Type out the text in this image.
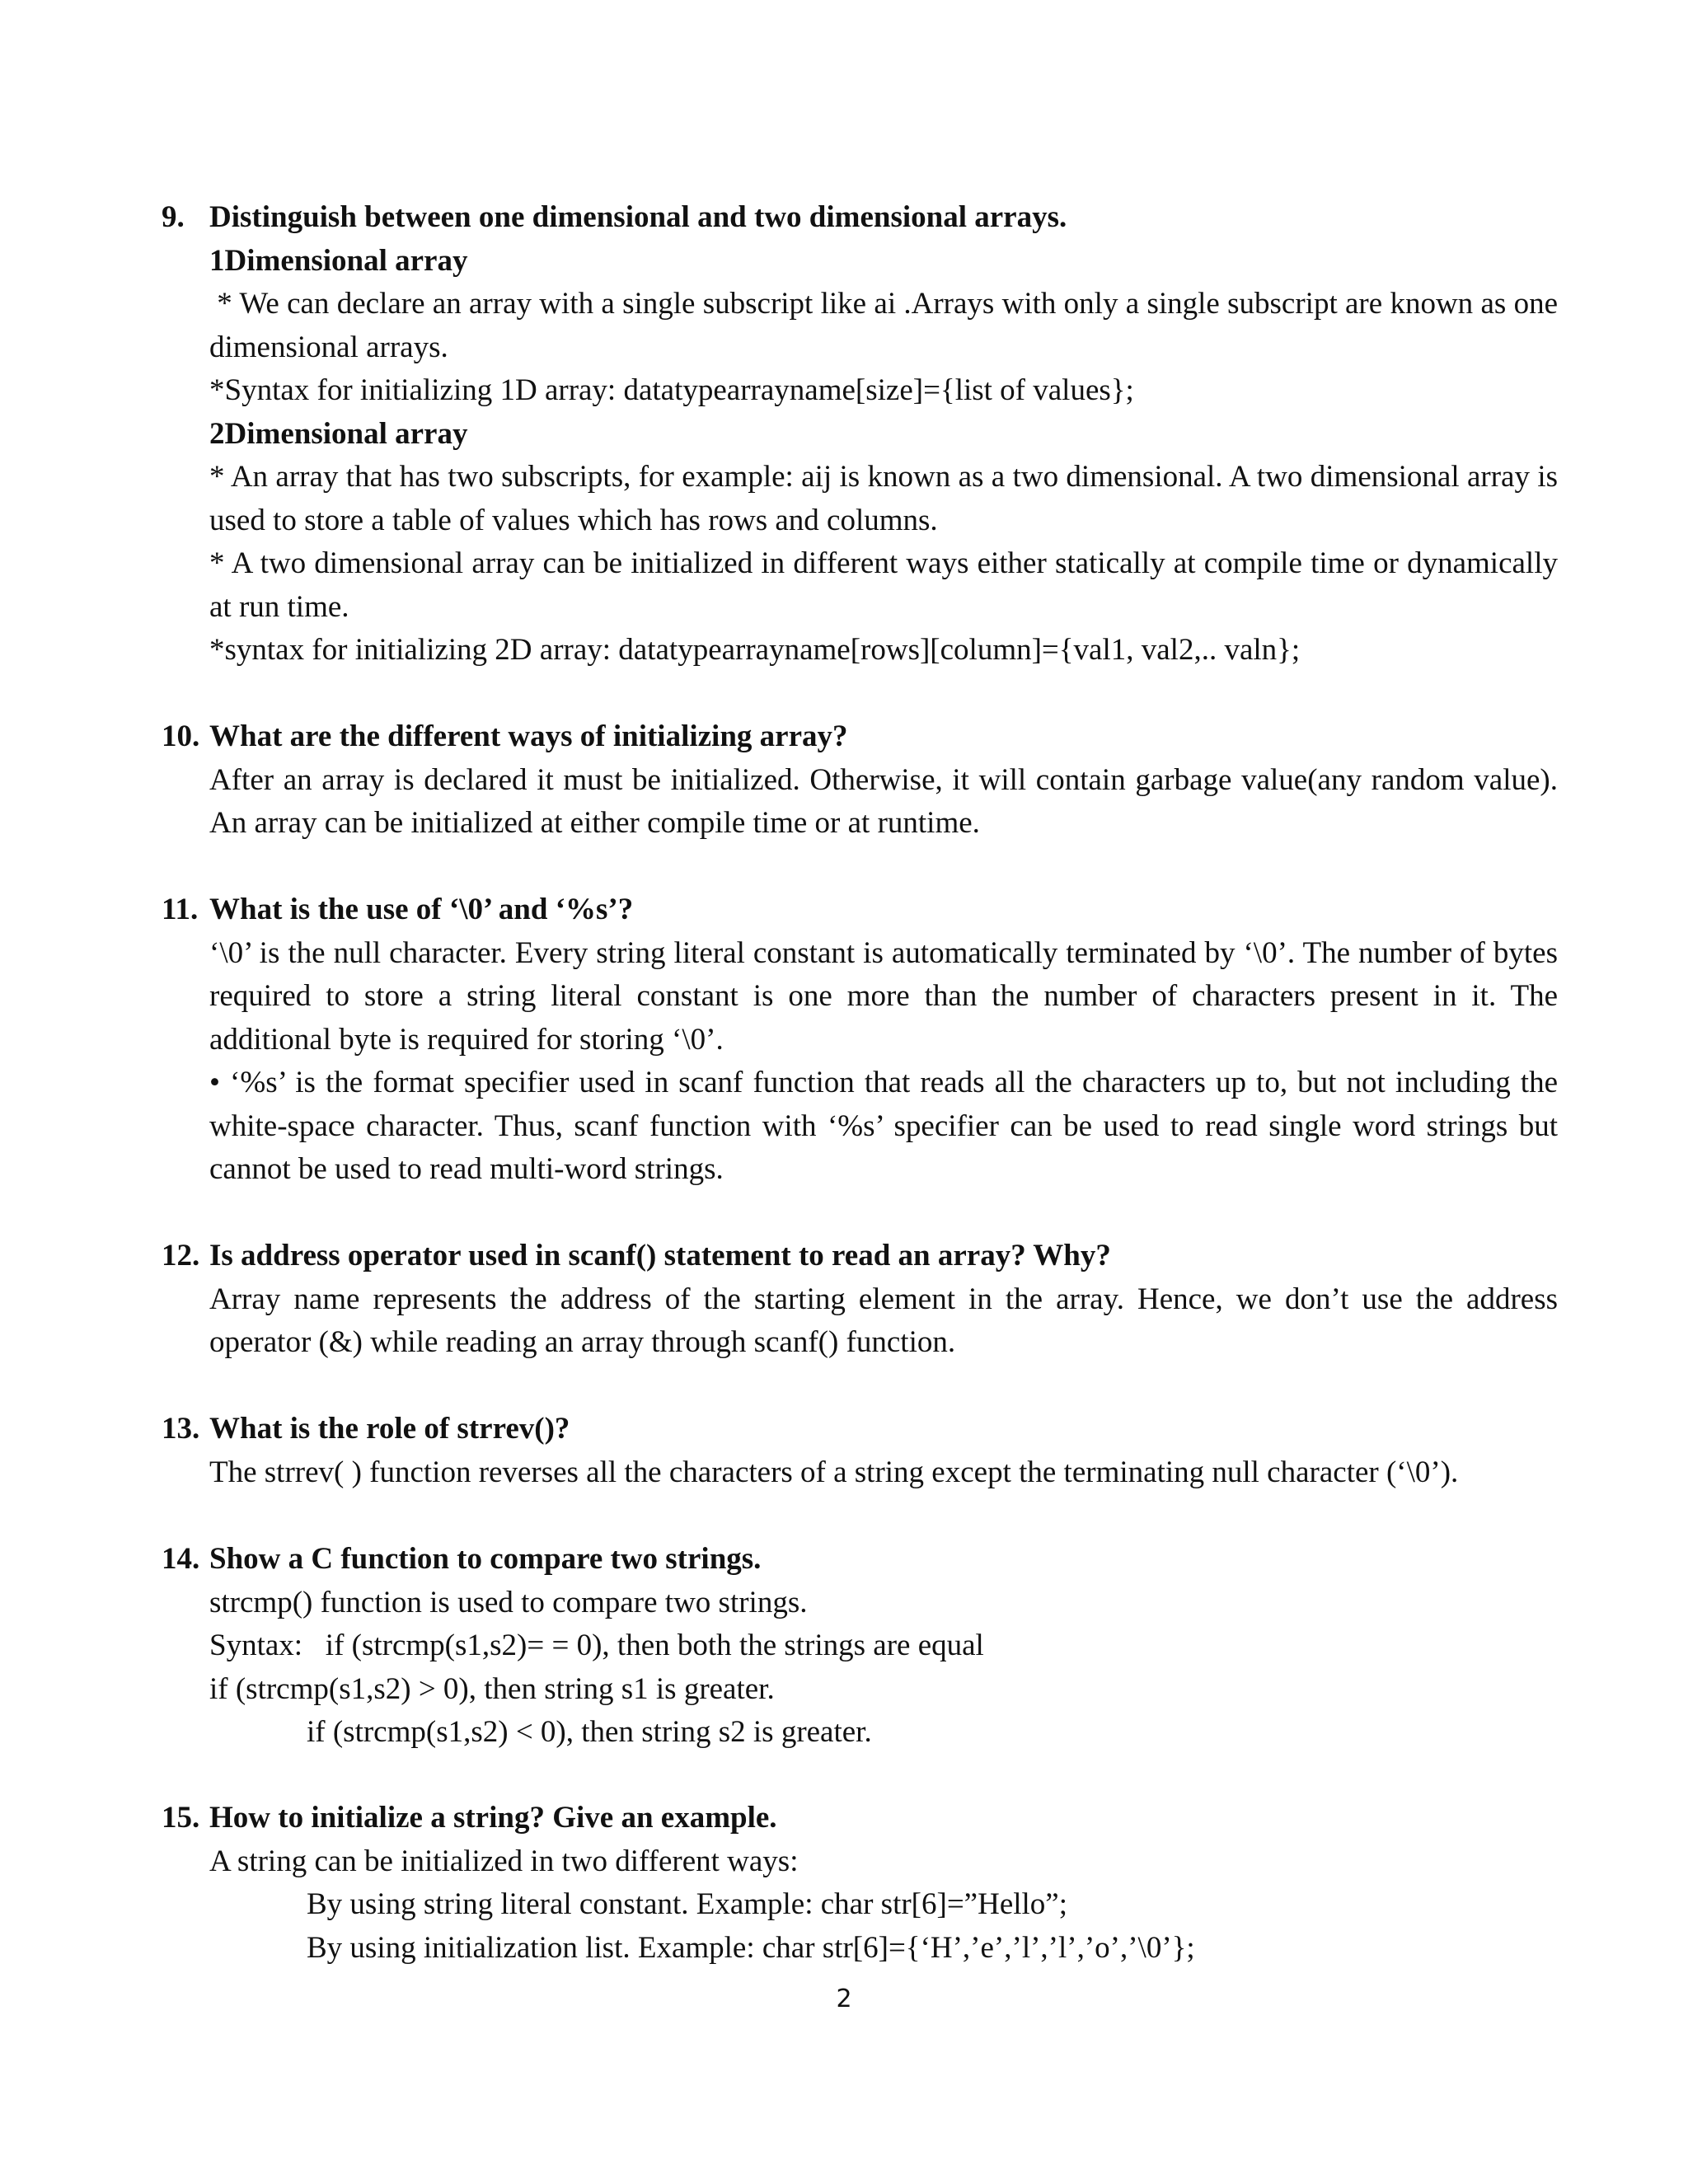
9. Distinguish between one dimensional and two dimensional arrays.
1Dimensional array
* We can declare an array with a single subscript like ai .Arrays with only a single subscript are known as one dimensional arrays.
*Syntax for initializing 1D array: datatypearrayname[size]={list of values};
2Dimensional array
* An array that has two subscripts, for example: aij is known as a two dimensional. A two dimensional array is used to store a table of values which has rows and columns.
* A two dimensional array can be initialized in different ways either statically at compile time or dynamically at run time.
*syntax for initializing 2D array: datatypearrayname[rows][column]={val1, val2,.. valn};
10. What are the different ways of initializing array?
After an array is declared it must be initialized. Otherwise, it will contain garbage value(any random value). An array can be initialized at either compile time or at runtime.
11. What is the use of ‘\0’ and ‘%s’?
‘\0’ is the null character. Every string literal constant is automatically terminated by ‘\0’. The number of bytes required to store a string literal constant is one more than the number of characters present in it. The additional byte is required for storing ‘\0’.
• ‘%s’ is the format specifier used in scanf function that reads all the characters up to, but not including the white-space character. Thus, scanf function with ‘%s’ specifier can be used to read single word strings but cannot be used to read multi-word strings.
12. Is address operator used in scanf() statement to read an array? Why?
Array name represents the address of the starting element in the array. Hence, we don’t use the address operator (&) while reading an array through scanf() function.
13. What is the role of strrev()?
The strrev( ) function reverses all the characters of a string except the terminating null character (‘\0’).
14. Show a C function to compare two strings.
strcmp() function is used to compare two strings.
Syntax:   if (strcmp(s1,s2)= = 0), then both the strings are equal
if (strcmp(s1,s2) > 0), then string s1 is greater.
if (strcmp(s1,s2) < 0), then string s2 is greater.
15. How to initialize a string? Give an example.
A string can be initialized in two different ways:
By using string literal constant. Example: char str[6]=”Hello”;
By using initialization list. Example: char str[6]={‘H’,’e’,’l’,’l’,’o’,’\0’};
2
